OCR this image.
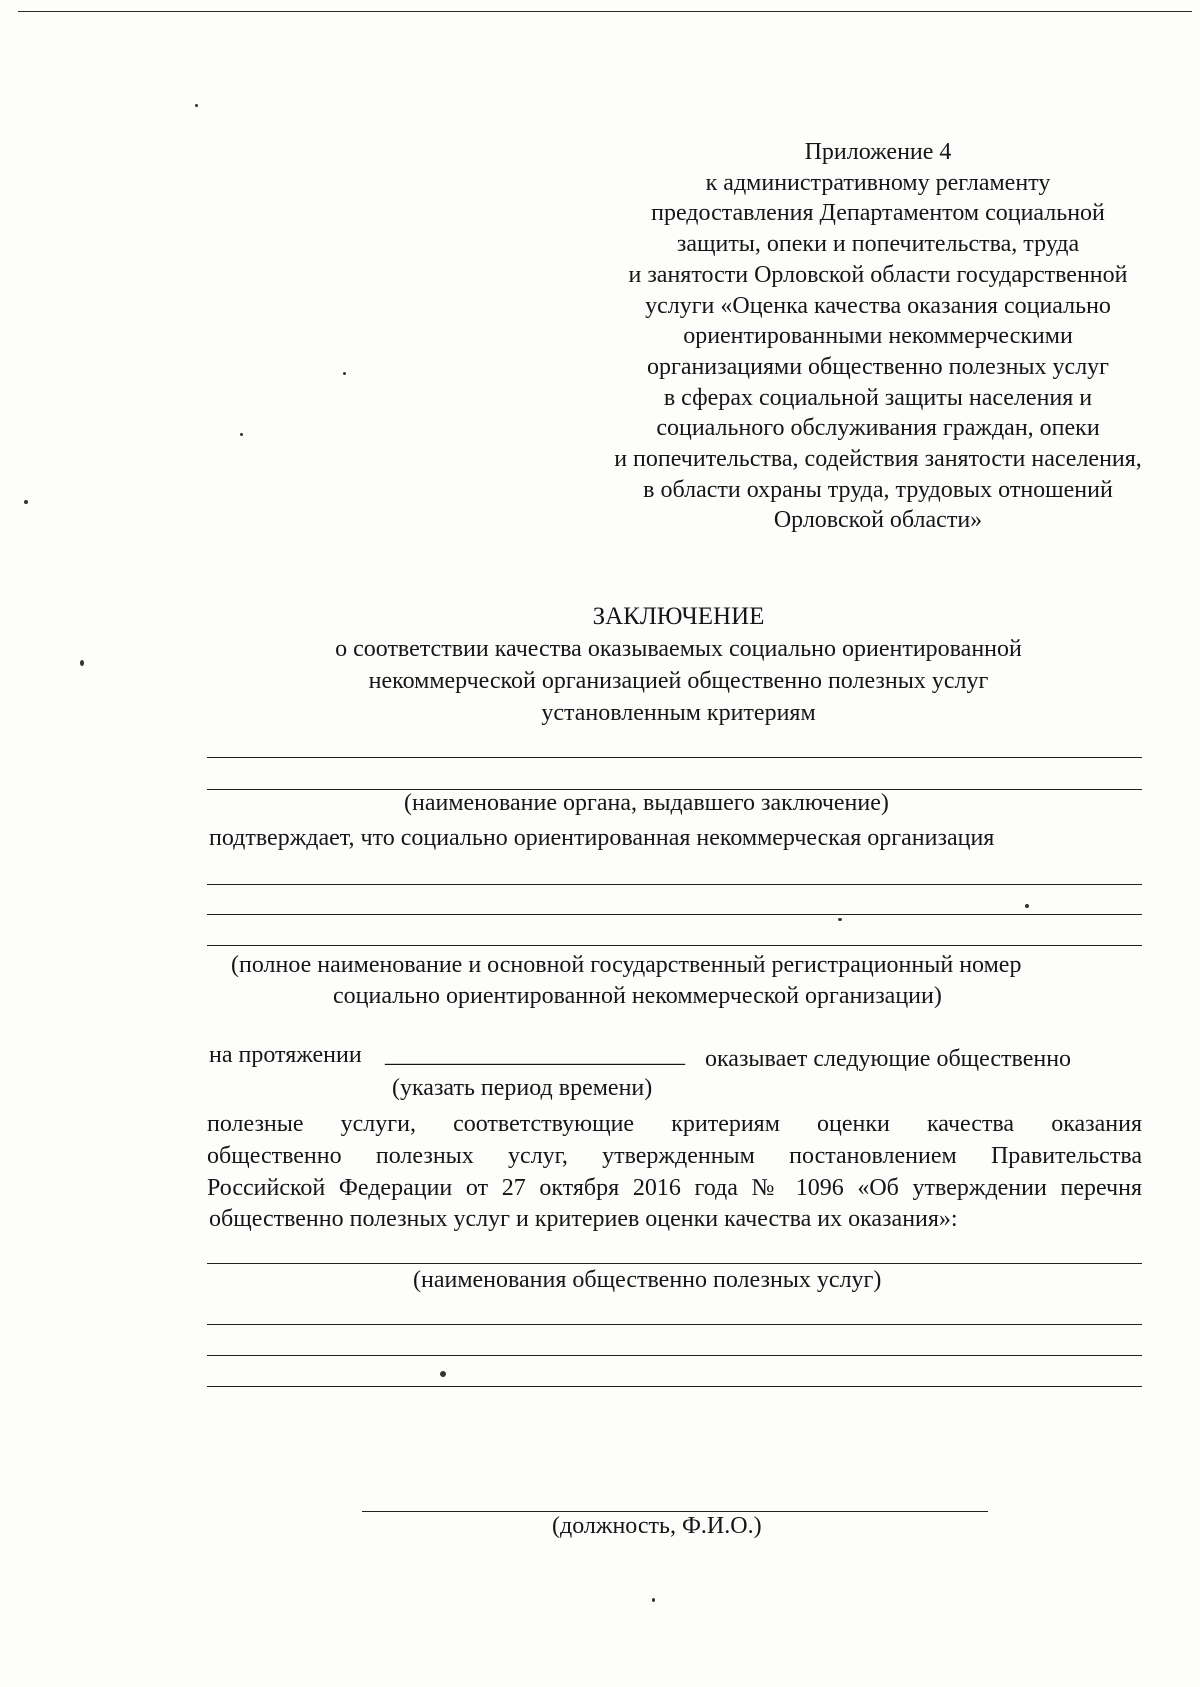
Приложение 4
к административному регламенту
предоставления Департаментом социальной
защиты, опеки и попечительства, труда
и занятости Орловской области государственной
услуги «Оценка качества оказания социально
ориентированными некоммерческими
организациями общественно полезных услуг
в сферах социальной защиты населения и
социального обслуживания граждан, опеки
и попечительства, содействия занятости населения,
в области охраны труда, трудовых отношений
Орловской области»
ЗАКЛЮЧЕНИЕ
о соответствии качества оказываемых социально ориентированной
некоммерческой организацией общественно полезных услуг
установленным критериям
(наименование органа, выдавшего заключение)
подтверждает, что социально ориентированная некоммерческая организация
(полное наименование и основной государственный регистрационный номер
социально ориентированной некоммерческой организации)
на протяжении _________________________ оказывает следующие общественно
(указать период времени)
полезные услуги, соответствующие критериям оценки качества оказания
общественно полезных услуг, утвержденным постановлением Правительства
Российской Федерации от 27 октября 2016 года № 1096 «Об утверждении перечня
общественно полезных услуг и критериев оценки качества их оказания»:
(наименования общественно полезных услуг)
(должность, Ф.И.О.)
